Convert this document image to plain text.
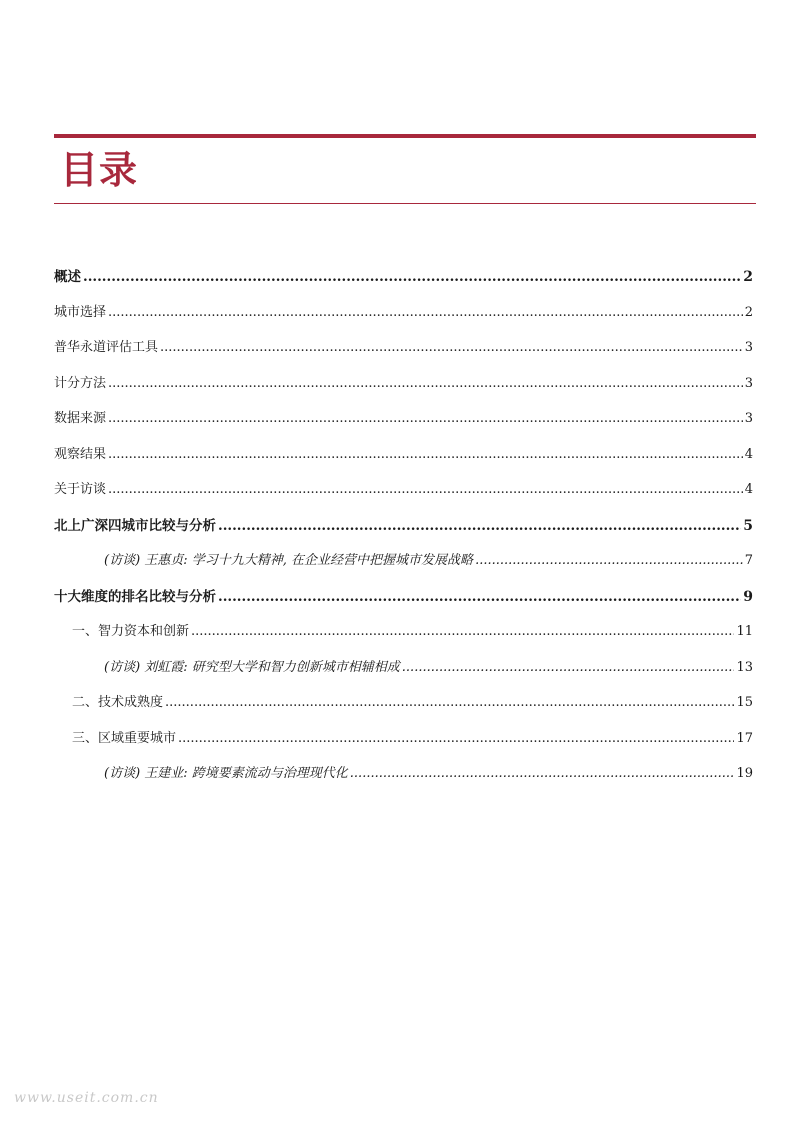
目录
概述 .....	2
城市选择 .....	2
普华永道评估工具 .....	3
计分方法 .....	3
数据来源 .....	3
观察结果 .....	4
关于访谈 .....	4
北上广深四城市比较与分析 .....	5
(访谈) 王惠贞: 学习十九大精神, 在企业经营中把握城市发展战略 .....	7
十大维度的排名比较与分析 .....	9
一、智力资本和创新 .....	11
(访谈) 刘虹霞: 研究型大学和智力创新城市相辅相成 .....	13
二、技术成熟度 .....	15
三、区域重要城市 .....	17
(访谈) 王建业: 跨境要素流动与治理现代化 .....	19
www.useit.com.cn
